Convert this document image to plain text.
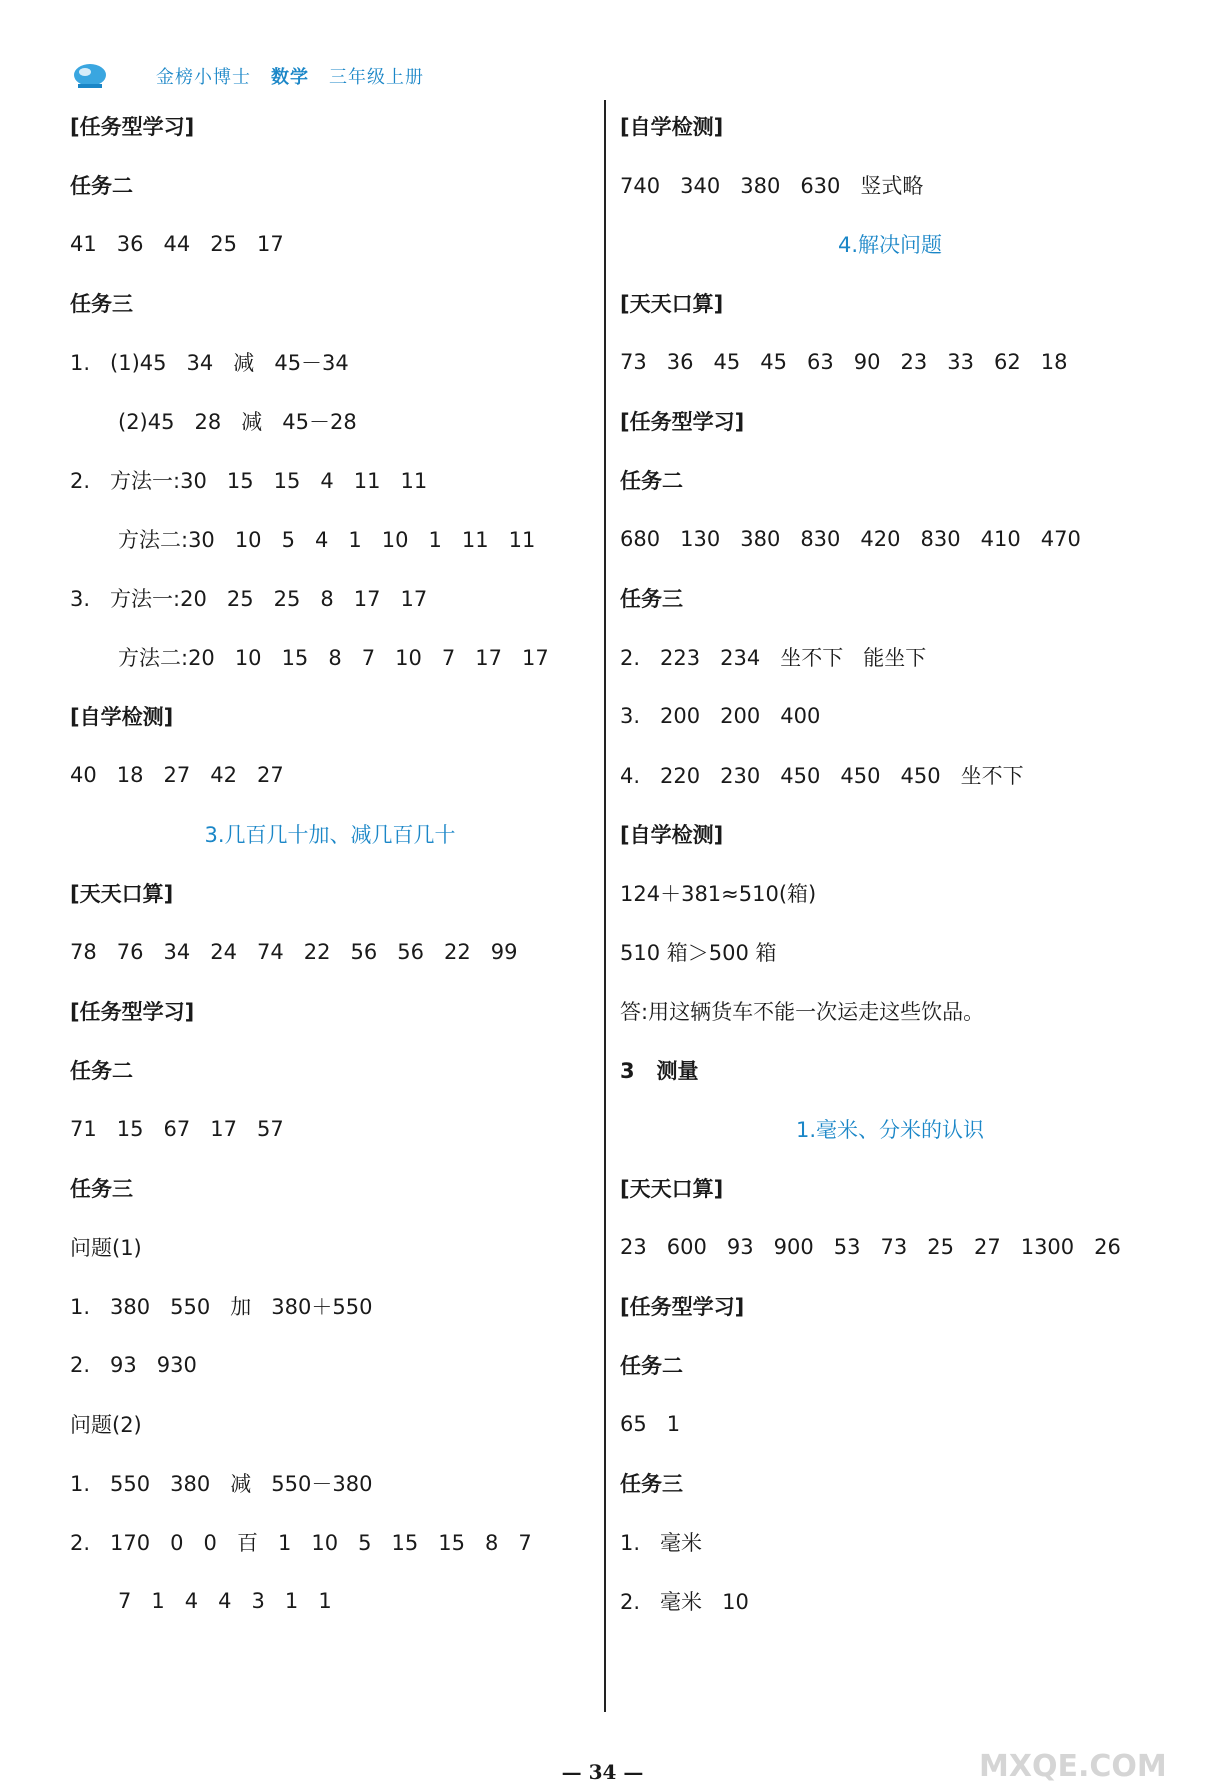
金榜小博士 数学 三年级上册
[任务型学习]
任务二
41   36   44   25   17
任务三
1.   (1)45   34   减   45－34
(2)45   28   减   45－28
2.   方法一:30   15   15   4   11   11
方法二:30   10   5   4   1   10   1   11   11
3.   方法一:20   25   25   8   17   17
方法二:20   10   15   8   7   10   7   17   17
[自学检测]
40   18   27   42   27
3.几百几十加、减几百几十
[天天口算]
78   76   34   24   74   22   56   56   22   99
[任务型学习]
任务二
71   15   67   17   57
任务三
问题(1)
1.   380   550   加   380＋550
2.   93   930
问题(2)
1.   550   380   减   550－380
2.   170   0   0   百   1   10   5   15   15   8   7
7   1   4   4   3   1   1
[自学检测]
740   340   380   630   竖式略
4.解决问题
[天天口算]
73   36   45   45   63   90   23   33   62   18
[任务型学习]
任务二
680   130   380   830   420   830   410   470
任务三
2.   223   234   坐不下   能坐下
3.   200   200   400
4.   220   230   450   450   450   坐不下
[自学检测]
124＋381≈510(箱)
510 箱＞500 箱
答:用这辆货车不能一次运走这些饮品。
3   测量
1.毫米、分米的认识
[天天口算]
23   600   93   900   53   73   25   27   1300   26
[任务型学习]
任务二
65   1
任务三
1.   毫米
2.   毫米   10
— 34 —	MXQE.COM
